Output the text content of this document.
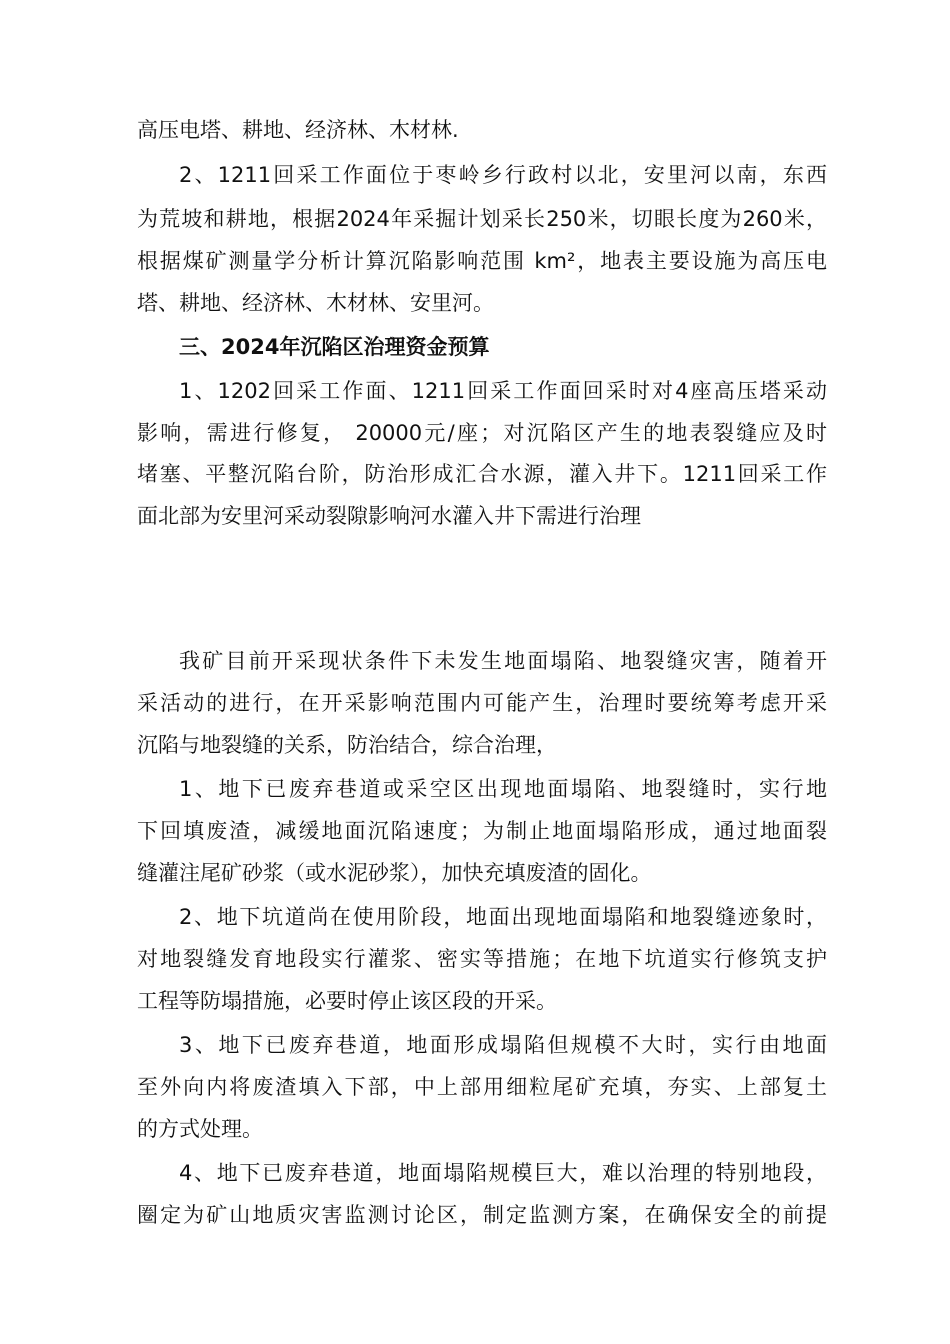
高压电塔、耕地、经济林、木材林.
2、1211回采工作面位于枣岭乡行政村以北，安里河以南，东西
为荒坡和耕地，根据2024年采掘计划采长250米，切眼长度为260米，
根据煤矿测量学分析计算沉陷影响范围 km²，地表主要设施为高压电
塔、耕地、经济林、木材林、安里河。
三、2024年沉陷区治理资金预算
1、1202回采工作面、1211回采工作面回采时对4座高压塔采动
影响，需进行修复， 20000元/座；对沉陷区产生的地表裂缝应及时
堵塞、平整沉陷台阶，防治形成汇合水源，灌入井下。1211回采工作
面北部为安里河采动裂隙影响河水灌入井下需进行治理
我矿目前开采现状条件下未发生地面塌陷、地裂缝灾害，随着开
采活动的进行，在开采影响范围内可能产生，治理时要统筹考虑开采
沉陷与地裂缝的关系，防治结合，综合治理，
1、地下已废弃巷道或采空区出现地面塌陷、地裂缝时，实行地
下回填废渣，减缓地面沉陷速度；为制止地面塌陷形成，通过地面裂
缝灌注尾矿砂浆（或水泥砂浆），加快充填废渣的固化。
2、地下坑道尚在使用阶段，地面出现地面塌陷和地裂缝迹象时，
对地裂缝发育地段实行灌浆、密实等措施；在地下坑道实行修筑支护
工程等防塌措施，必要时停止该区段的开采。
3、地下已废弃巷道，地面形成塌陷但规模不大时，实行由地面
至外向内将废渣填入下部，中上部用细粒尾矿充填，夯实、上部复土
的方式处理。
4、地下已废弃巷道，地面塌陷规模巨大，难以治理的特别地段，
圈定为矿山地质灾害监测讨论区，制定监测方案，在确保安全的前提
